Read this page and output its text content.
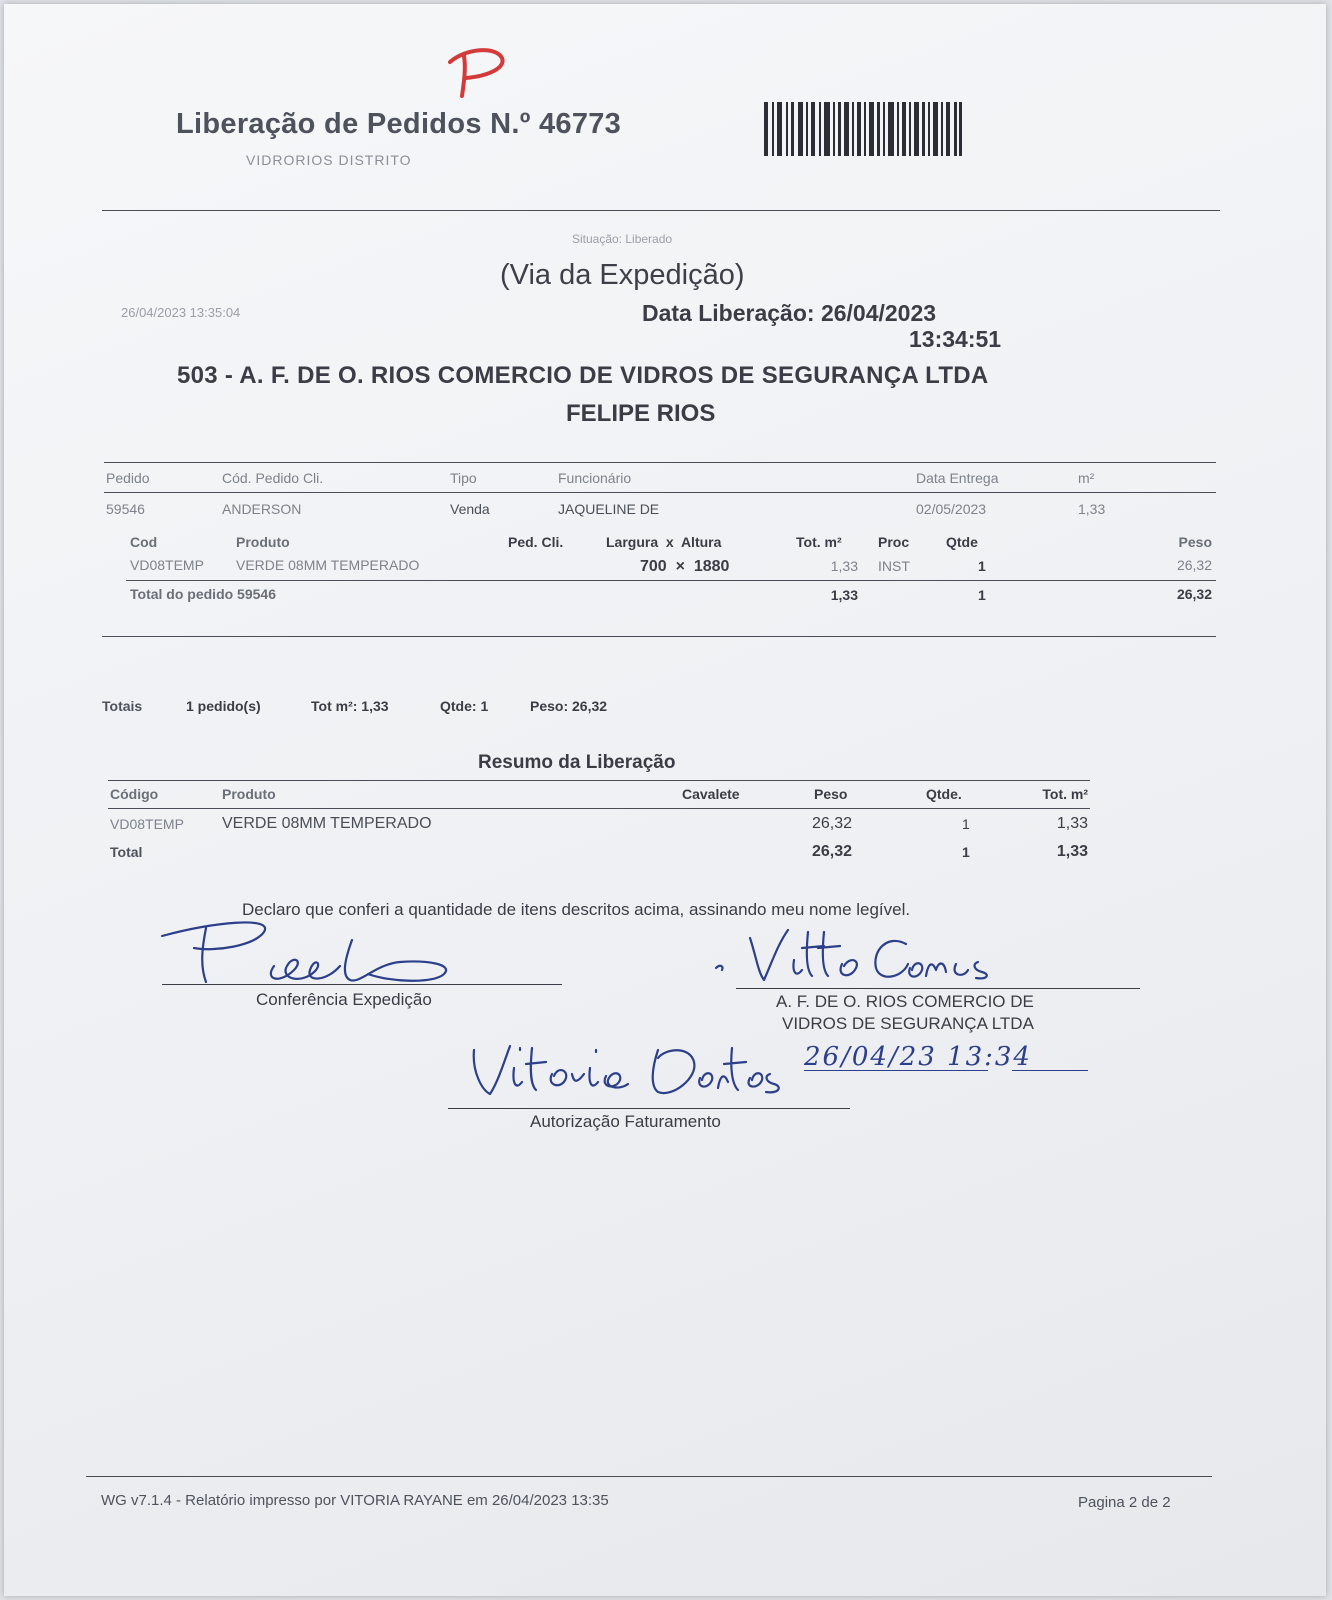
Liberação de Pedidos N.º 46773
VIDRORIOS DISTRITO
Situação: Liberado
(Via da Expedição)
26/04/2023 13:35:04	Data Liberação: 26/04/2023
13:34:51
503 - A. F. DE O. RIOS COMERCIO DE VIDROS DE SEGURANÇA LTDA
FELIPE RIOS
Pedido	Cód. Pedido Cli.	Tipo	Funcionário	Data Entrega	m²
59546	ANDERSON	Venda	JAQUELINE DE	02/05/2023	1,33
Cod	Produto	Ped. Cli.	Largura  x  Altura	Tot. m²	Proc	Qtde	Peso
VD08TEMP VERDE 08MM TEMPERADO	700  ×  1880	1,33 INST	1	26,32
Total do pedido 59546	1,33	1	26,32
Totais	1 pedido(s)	Tot m²: 1,33	Qtde: 1	Peso: 26,32
Resumo da Liberação
Código	Produto	Cavalete	Peso	Qtde.	Tot. m²
VD08TEMP VERDE 08MM TEMPERADO	26,32	1	1,33
Total	26,32	1	1,33
Declaro que conferi a quantidade de itens descritos acima, assinando meu nome legível.
Conferência Expedição	A. F. DE O. RIOS COMERCIO DE
VIDROS DE SEGURANÇA LTDA
26/04/23 13:34
Autorização Faturamento
WG v7.1.4 - Relatório impresso por VITORIA RAYANE em 26/04/2023 13:35	Pagina 2 de 2
